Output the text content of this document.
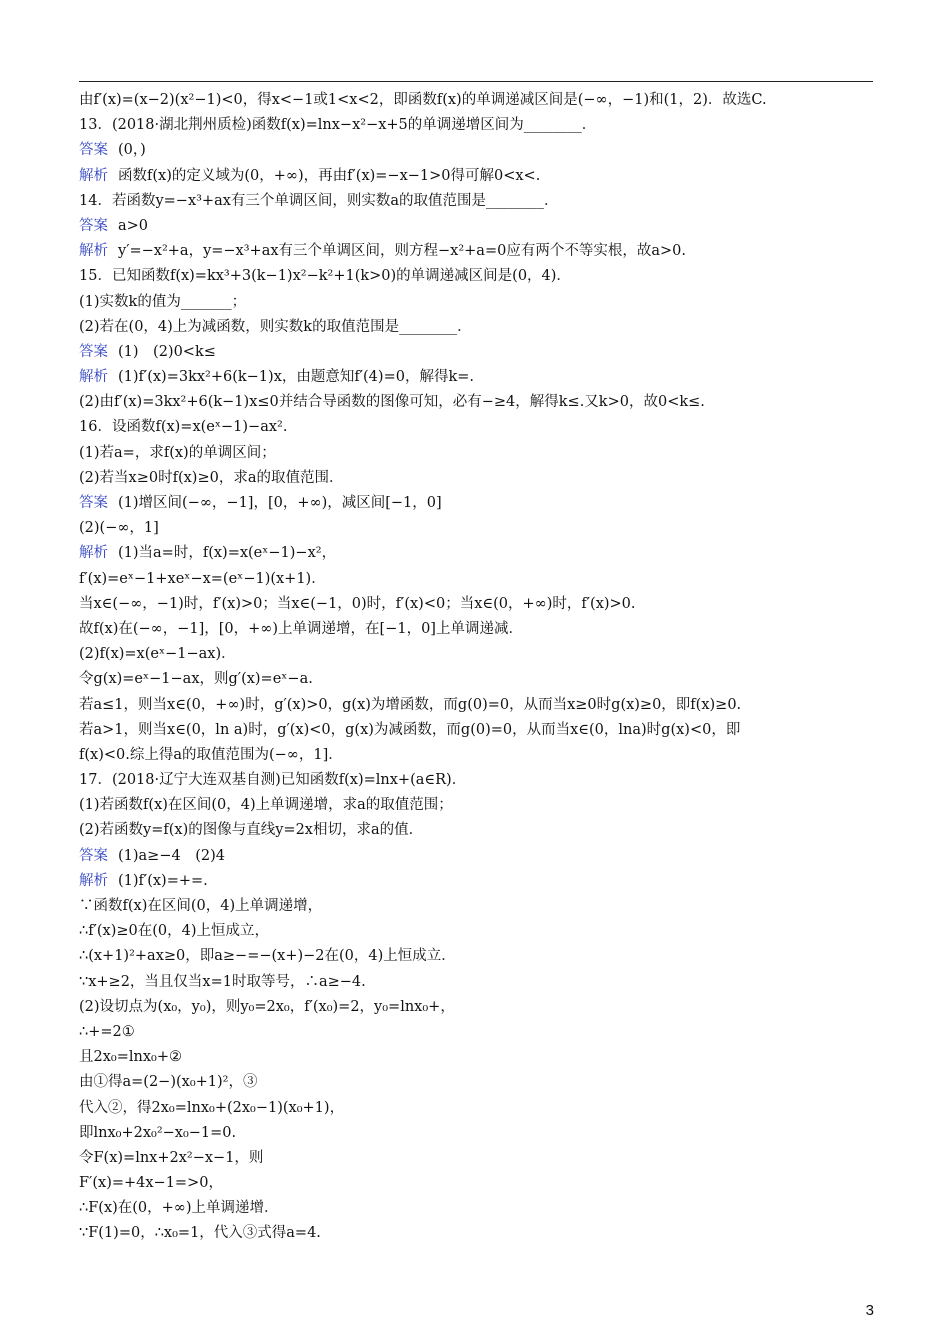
由f′(x)=(x−2)(x²−1)<0，得x<−1或1<x<2，即函数f(x)的单调递减区间是(−∞，−1)和(1，2)．故选C.
13．(2018·湖北荆州质检)函数f(x)=lnx−x²−x+5的单调递增区间为________．
答案 (0，)
解析 函数f(x)的定义域为(0，+∞)，再由f′(x)=−x−1>0得可解0<x<.
14．若函数y=−x³+ax有三个单调区间，则实数a的取值范围是________．
答案 a>0
解析 y′=−x²+a，y=−x³+ax有三个单调区间，则方程−x²+a=0应有两个不等实根，故a>0.
15．已知函数f(x)=kx³+3(k−1)x²−k²+1(k>0)的单调递减区间是(0，4)．
(1)实数k的值为_______；
(2)若在(0，4)上为减函数，则实数k的取值范围是________．
答案 (1)　(2)0<k≤
解析 (1)f′(x)=3kx²+6(k−1)x，由题意知f′(4)=0，解得k=.
(2)由f′(x)=3kx²+6(k−1)x≤0并结合导函数的图像可知，必有−≥4，解得k≤.又k>0，故0<k≤.
16．设函数f(x)=x(eˣ−1)−ax².
(1)若a=，求f(x)的单调区间；
(2)若当x≥0时f(x)≥0，求a的取值范围．
答案 (1)增区间(−∞，−1]，[0，+∞)，减区间[−1，0]
(2)(−∞，1]
解析 (1)当a=时，f(x)=x(eˣ−1)−x²，
f′(x)=eˣ−1+xeˣ−x=(eˣ−1)(x+1)．
当x∈(−∞，−1)时，f′(x)>0；当x∈(−1，0)时，f′(x)<0；当x∈(0，+∞)时，f′(x)>0.
故f(x)在(−∞，−1]，[0，+∞)上单调递增，在[−1，0]上单调递减．
(2)f(x)=x(eˣ−1−ax)．
令g(x)=eˣ−1−ax，则g′(x)=eˣ−a.
若a≤1，则当x∈(0，+∞)时，g′(x)>0，g(x)为增函数，而g(0)=0，从而当x≥0时g(x)≥0，即f(x)≥0.
若a>1，则当x∈(0，ln a)时，g′(x)<0，g(x)为减函数，而g(0)=0，从而当x∈(0，lna)时g(x)<0，即
f(x)<0.综上得a的取值范围为(−∞，1]．
17．(2018·辽宁大连双基自测)已知函数f(x)=lnx+(a∈R)．
(1)若函数f(x)在区间(0，4)上单调递增，求a的取值范围；
(2)若函数y=f(x)的图像与直线y=2x相切，求a的值．
答案 (1)a≥−4　(2)4
解析 (1)f′(x)=+=.
∵函数f(x)在区间(0，4)上单调递增，
∴f′(x)≥0在(0，4)上恒成立，
∴(x+1)²+ax≥0，即a≥−=−(x+)−2在(0，4)上恒成立．
∵x+≥2，当且仅当x=1时取等号，∴a≥−4.
(2)设切点为(x₀，y₀)，则y₀=2x₀，f′(x₀)=2，y₀=lnx₀+，
∴+=2①
且2x₀=lnx₀+②
由①得a=(2−)(x₀+1)²，③
代入②，得2x₀=lnx₀+(2x₀−1)(x₀+1)，
即lnx₀+2x₀²−x₀−1=0.
令F(x)=lnx+2x²−x−1，则
F′(x)=+4x−1=>0，
∴F(x)在(0，+∞)上单调递增．
∵F(1)=0，∴x₀=1，代入③式得a=4.
3
